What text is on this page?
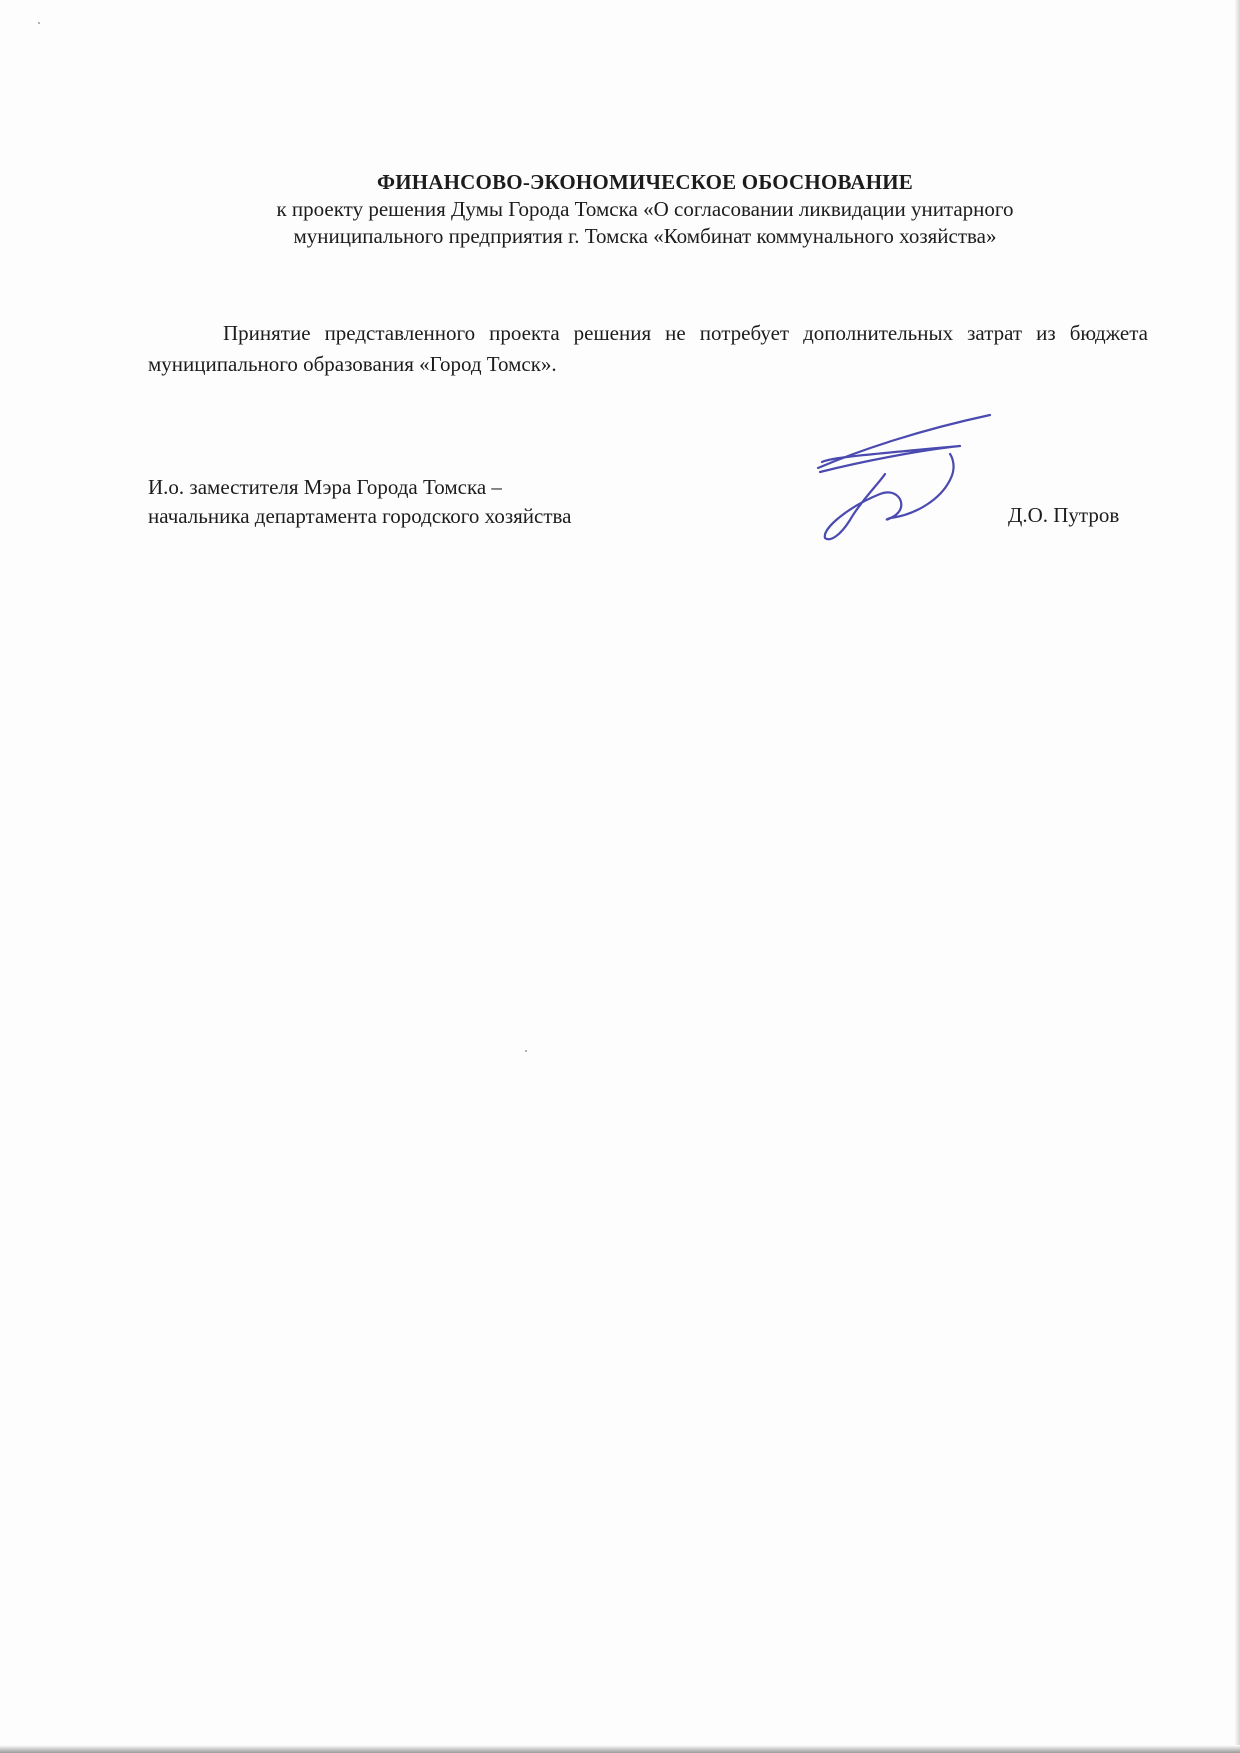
ФИНАНСОВО-ЭКОНОМИЧЕСКОЕ ОБОСНОВАНИЕ

к проекту решения Думы Города Томска «О согласовании ликвидации унитарного

муниципального предприятия г. Томска «Комбинат коммунального хозяйства»

Принятие представленного проекта решения не потребует дополнительных затрат из бюджета муниципального образования «Город Томск».

И.о. заместителя Мэра Города Томска –
начальника департамента городского хозяйства	Д.О. Путров
